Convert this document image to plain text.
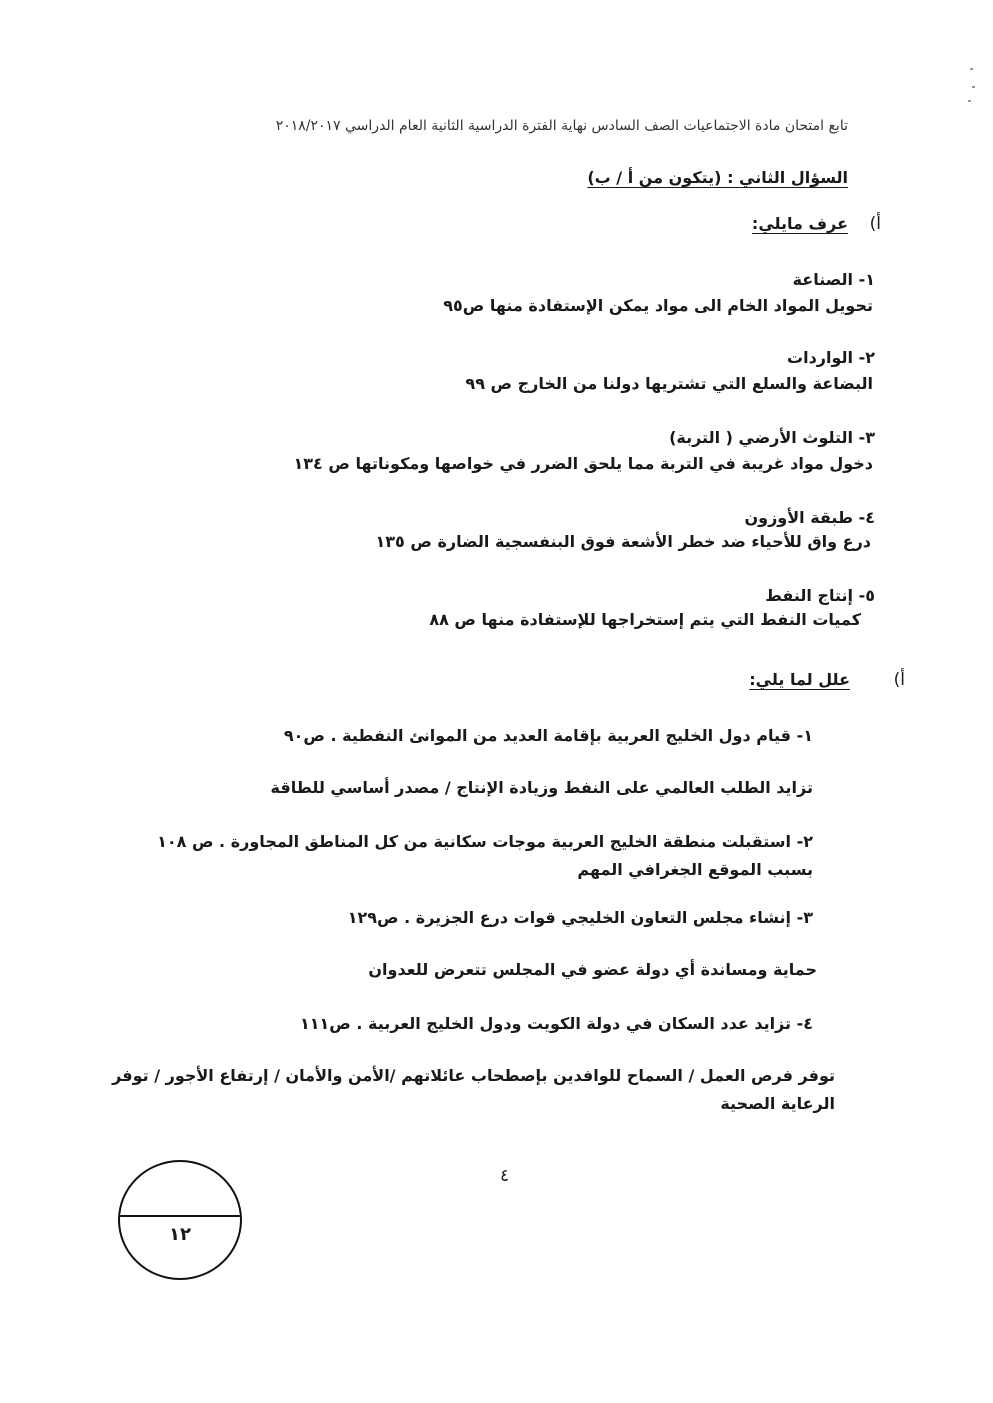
تابع امتحان مادة الاجتماعيات الصف السادس نهاية الفترة الدراسية الثانية العام الدراسي ٢٠١٨/٢٠١٧
السؤال الثاني : (يتكون من أ / ب)
أ)
عرف مايلي:
١- الصناعة
تحويل المواد الخام الى مواد يمكن الإستفادة منها ص٩٥
٢- الواردات
البضاعة والسلع التي تشتريها دولنا من الخارج ص ٩٩
٣- التلوث الأرضي ( التربة)
دخول مواد غريبة في التربة مما يلحق الضرر في خواصها ومكوناتها ص ١٣٤
٤- طبقة الأوزون
درع واق للأحياء ضد خطر الأشعة فوق البنفسجية الضارة ص ١٣٥
٥- إنتاج النفط
كميات النفط التي يتم إستخراجها للإستفادة منها ص ٨٨
أ)
علل لما يلي:
١- قيام دول الخليج العربية بإقامة العديد من الموانئ النفطية . ص٩٠
تزايد الطلب العالمي على النفط وزيادة الإنتاج / مصدر أساسي للطاقة
٢- استقبلت منطقة الخليج العربية موجات سكانية من كل المناطق المجاورة . ص ١٠٨
بسبب الموقع الجغرافي المهم
٣- إنشاء مجلس التعاون الخليجي قوات درع الجزيرة . ص١٢٩
حماية ومساندة أي دولة عضو في المجلس تتعرض للعدوان
٤- تزايد عدد السكان في دولة الكويت ودول الخليج العربية . ص١١١
توفر فرص العمل / السماح للوافدين بإصطحاب عائلاتهم /الأمن والأمان / إرتفاع الأجور / توفر
الرعاية الصحية
٤
١٢
